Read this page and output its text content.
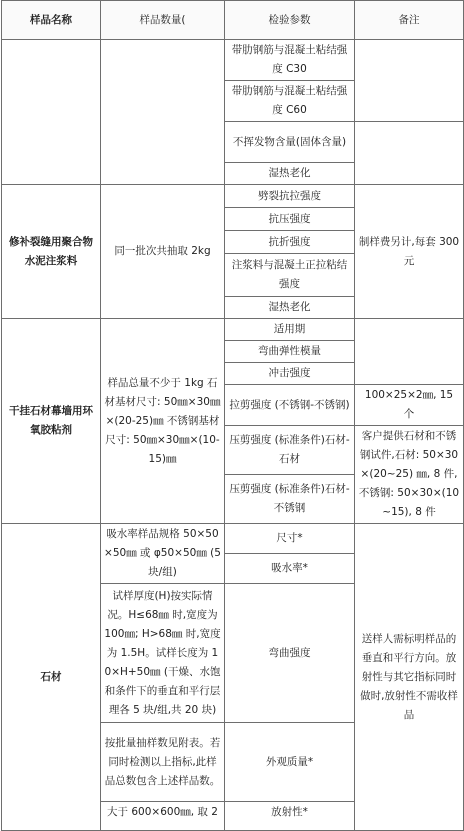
样品名称	样品数量(	检验参数	备注
		带肋钢筋与混凝土粘结强度 C30	
		带肋钢筋与混凝土粘结强度 C60	
		不挥发物含量(固体含量)	
		湿热老化	
修补裂缝用聚合物水泥注浆料	同一批次共抽取 2kg	劈裂抗拉强度	制样费另计,每套 300 元
		抗压强度	
		抗折强度	
		注浆料与混凝土正拉粘结强度	
		湿热老化	
干挂石材幕墙用环氧胶粘剂	样品总量不少于 1kg 石材基材尺寸: 50㎜×30㎜×(20-25)㎜ 不锈钢基材尺寸: 50㎜×30㎜×(10-15)㎜	适用期	
		弯曲弹性模量	
		冲击强度	
		拉剪强度 (不锈钢-不锈钢)	100×25×2㎜, 15 个
		压剪强度 (标准条件)石材-石材	客户提供石材和不锈钢试件,石材: 50×30×(20~25) ㎜, 8 件,不锈钢: 50×30×(10~15), 8 件
		压剪强度 (标准条件)石材-不锈钢	
石材	吸水率样品规格 50×50×50㎜ 或 φ50×50㎜ (5 块/组)	尺寸*	送样人需标明样品的垂直和平行方向。放射性与其它指标同时做时,放射性不需收样品
		吸水率*	
	试样厚度(H)按实际情况。H≤68㎜ 时,宽度为 100㎜; H>68㎜ 时,宽度为 1.5H。试样长度为 10×H+50㎜ (干燥、水饱和条件下的垂直和平行层理各 5 块/组,共 20 块)	弯曲强度	
	按批量抽样数见附表。若同时检测以上指标,此样品总数包含上述样品数。	外观质量*	

	大于 600×600㎜, 取 2	放射性*	
